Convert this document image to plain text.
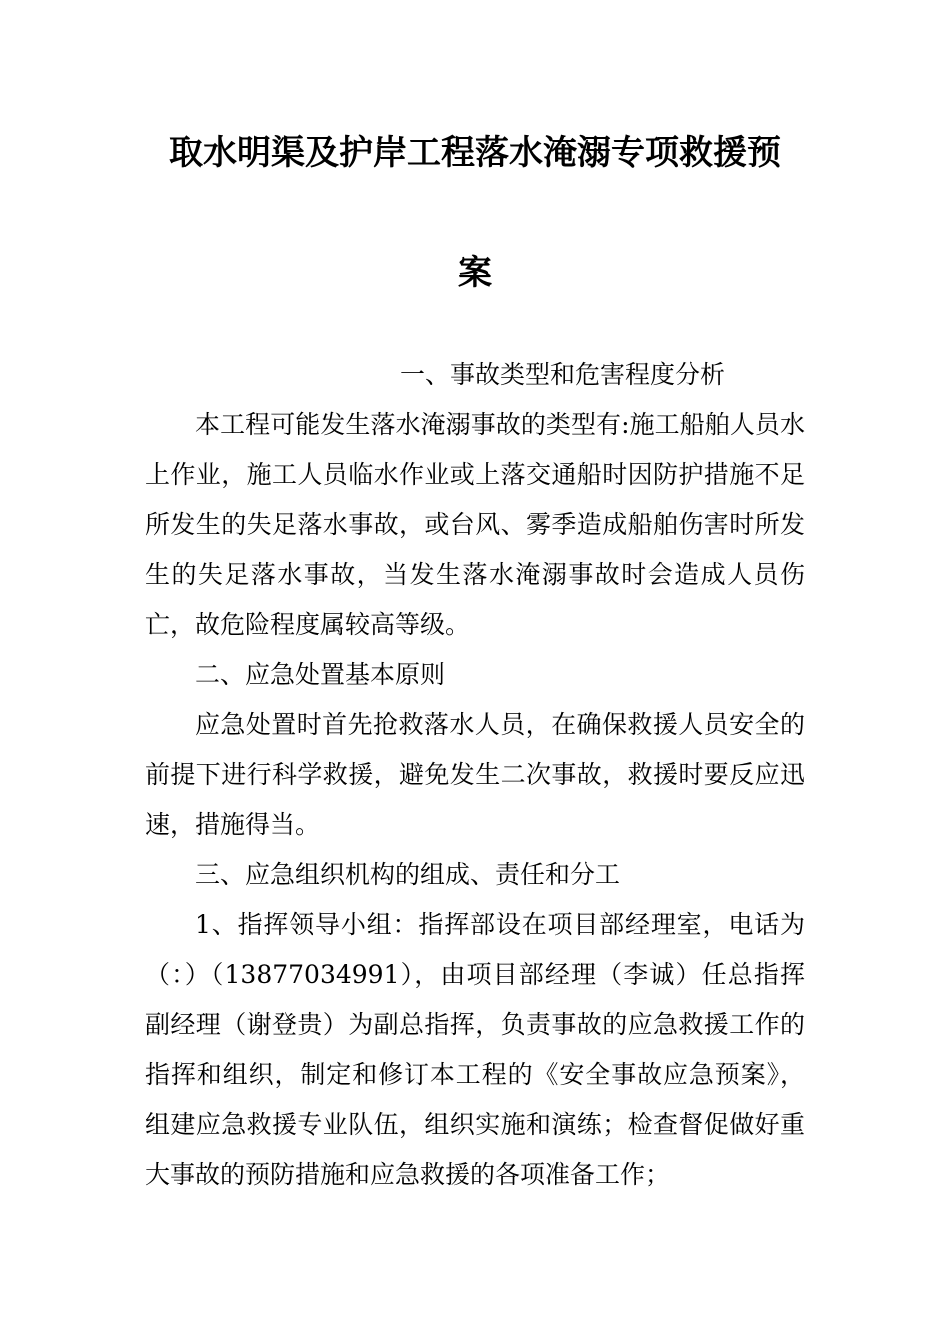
取水明渠及护岸工程落水淹溺专项救援预
案

一、事故类型和危害程度分析

本工程可能发生落水淹溺事故的类型有:施工船舶人员水上作业，施工人员临水作业或上落交通船时因防护措施不足所发生的失足落水事故，或台风、雾季造成船舶伤害时所发生的失足落水事故，当发生落水淹溺事故时会造成人员伤亡，故危险程度属较高等级。

二、应急处置基本原则

应急处置时首先抢救落水人员，在确保救援人员安全的前提下进行科学救援，避免发生二次事故，救援时要反应迅速，措施得当。

三、应急组织机构的组成、责任和分工

1、指挥领导小组：指挥部设在项目部经理室，电话为（：）（13877034991），由项目部经理（李诚）任总指挥副经理（谢登贵）为副总指挥，负责事故的应急救援工作的指挥和组织，制定和修订本工程的《安全事故应急预案》，组建应急救援专业队伍，组织实施和演练；检查督促做好重大事故的预防措施和应急救援的各项准备工作；
